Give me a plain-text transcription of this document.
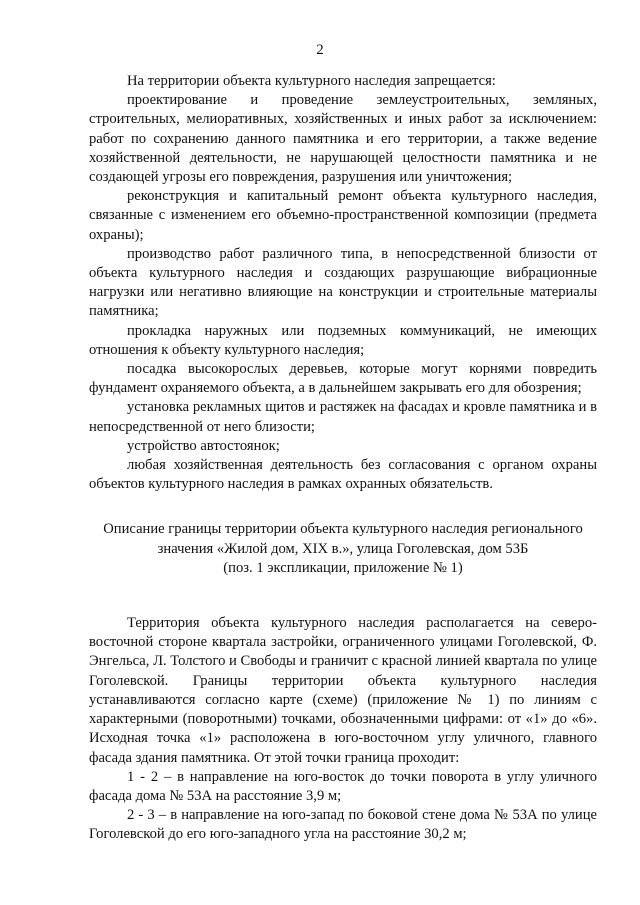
2

На территории объекта культурного наследия запрещается:

проектирование и проведение землеустроительных, земляных, строительных, мелиоративных, хозяйственных и иных работ за исключением: работ по сохранению данного памятника и его территории, а также ведение хозяйственной деятельности, не нарушающей целостности памятника и не создающей угрозы его повреждения, разрушения или уничтожения;

реконструкция и капитальный ремонт объекта культурного наследия, связанные с изменением его объемно-пространственной композиции (предмета охраны);

производство работ различного типа, в непосредственной близости от объекта культурного наследия и создающих разрушающие вибрационные нагрузки или негативно влияющие на конструкции и строительные материалы памятника;

прокладка наружных или подземных коммуникаций, не имеющих отношения к объекту культурного наследия;

посадка высокорослых деревьев, которые могут корнями повредить фундамент охраняемого объекта, а в дальнейшем закрывать его для обозрения;

установка рекламных щитов и растяжек на фасадах и кровле памятника и в непосредственной от него близости;

устройство автостоянок;

любая хозяйственная деятельность без согласования с органом охраны объектов культурного наследия в рамках охранных обязательств.

Описание границы территории объекта культурного наследия регионального
значения «Жилой дом, XIX в.», улица Гоголевская, дом 53Б
(поз. 1 экспликации, приложение № 1)

Территория объекта культурного наследия располагается на северо-восточной стороне квартала застройки, ограниченного улицами Гоголевской, Ф. Энгельса, Л. Толстого и Свободы и граничит с красной линией квартала по улице Гоголевской. Границы территории объекта культурного наследия устанавливаются согласно карте (схеме) (приложение № 1) по линиям с характерными (поворотными) точками, обозначенными цифрами: от «1» до «6». Исходная точка «1» расположена в юго-восточном углу уличного, главного фасада здания памятника. От этой точки граница проходит:

1 - 2 – в направление на юго-восток до точки поворота в углу уличного фасада дома № 53А на расстояние 3,9 м;

2 - 3 – в направление на юго-запад по боковой стене дома № 53А по улице Гоголевской до его юго-западного угла на расстояние 30,2 м;
